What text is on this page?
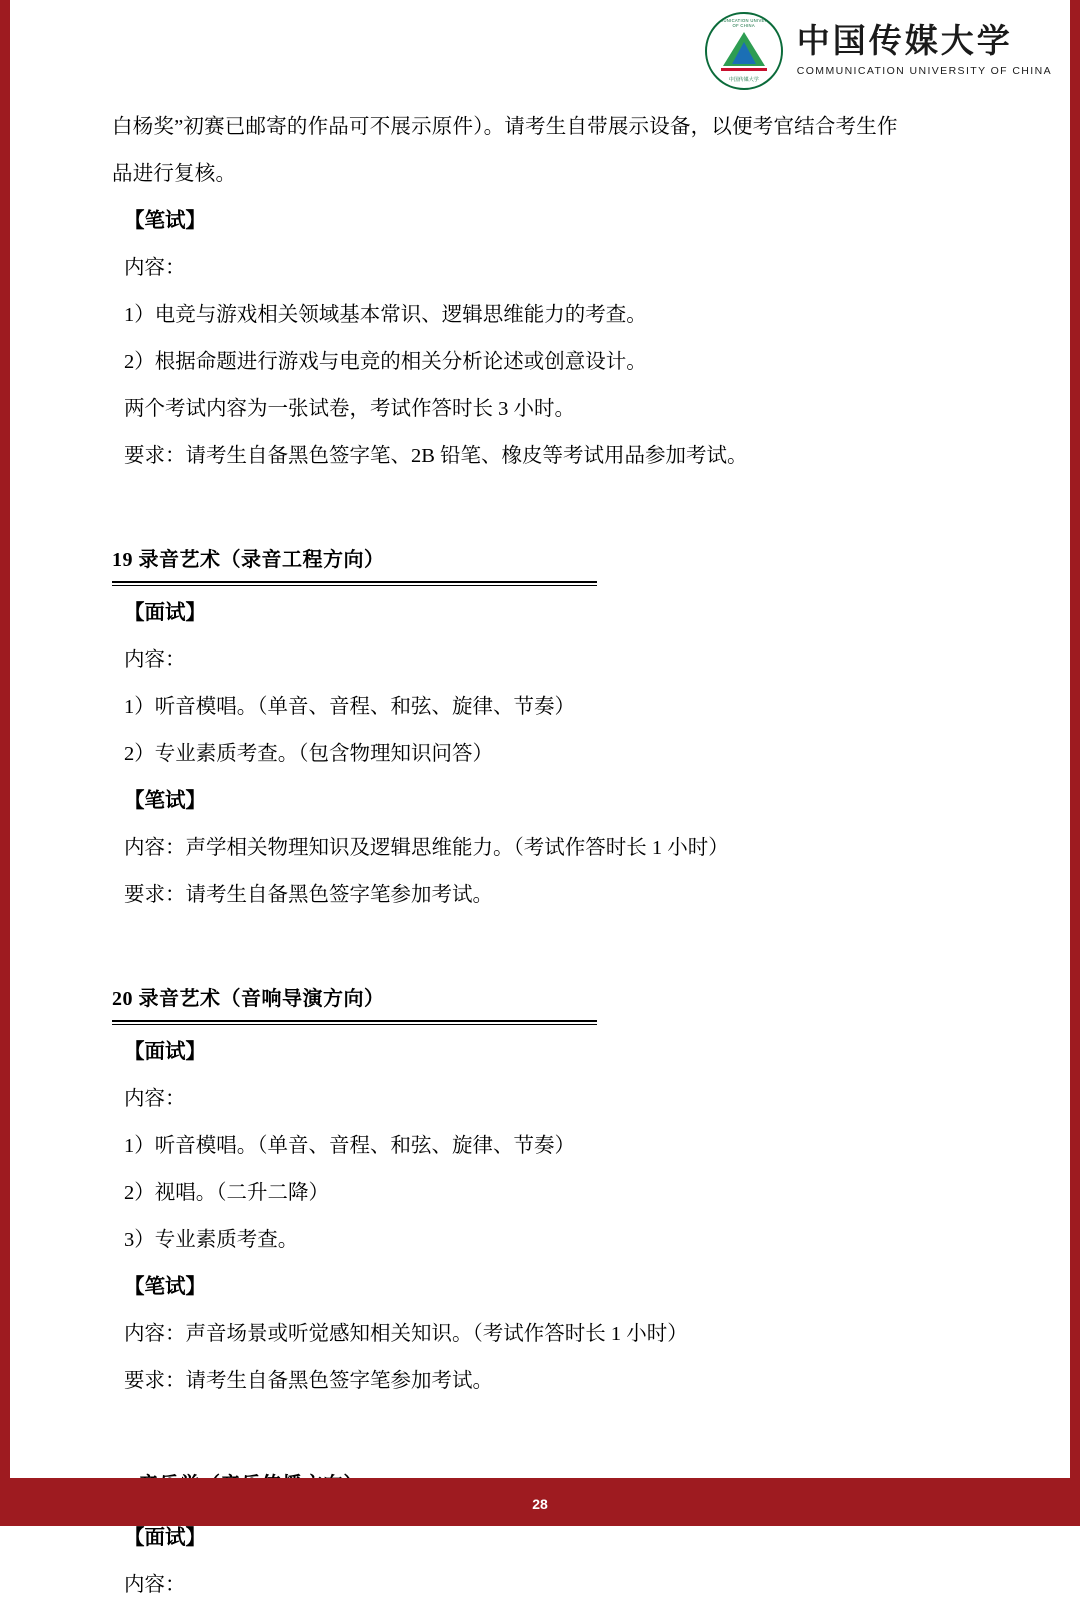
COMMUNICATION UNIVERSITY OF CHINA
中国传媒大学
中国传媒大学
COMMUNICATION UNIVERSITY OF CHINA
白杨奖”初赛已邮寄的作品可不展示原件）。请考生自带展示设备，以便考官结合考生作
品进行复核。
【笔试】
内容：
1）电竞与游戏相关领域基本常识、逻辑思维能力的考查。
2）根据命题进行游戏与电竞的相关分析论述或创意设计。
两个考试内容为一张试卷，考试作答时长 3 小时。
要求：请考生自备黑色签字笔、2B 铅笔、橡皮等考试用品参加考试。
19 录音艺术（录音工程方向）
【面试】
内容：
1）听音模唱。（单音、音程、和弦、旋律、节奏）
2）专业素质考查。（包含物理知识问答）
【笔试】
内容：声学相关物理知识及逻辑思维能力。（考试作答时长 1 小时）
要求：请考生自备黑色签字笔参加考试。
20 录音艺术（音响导演方向）
【面试】
内容：
1）听音模唱。（单音、音程、和弦、旋律、节奏）
2）视唱。（二升二降）
3）专业素质考查。
【笔试】
内容：声音场景或听觉感知相关知识。（考试作答时长 1 小时）
要求：请考生自备黑色签字笔参加考试。
【面试】
内容：
28
